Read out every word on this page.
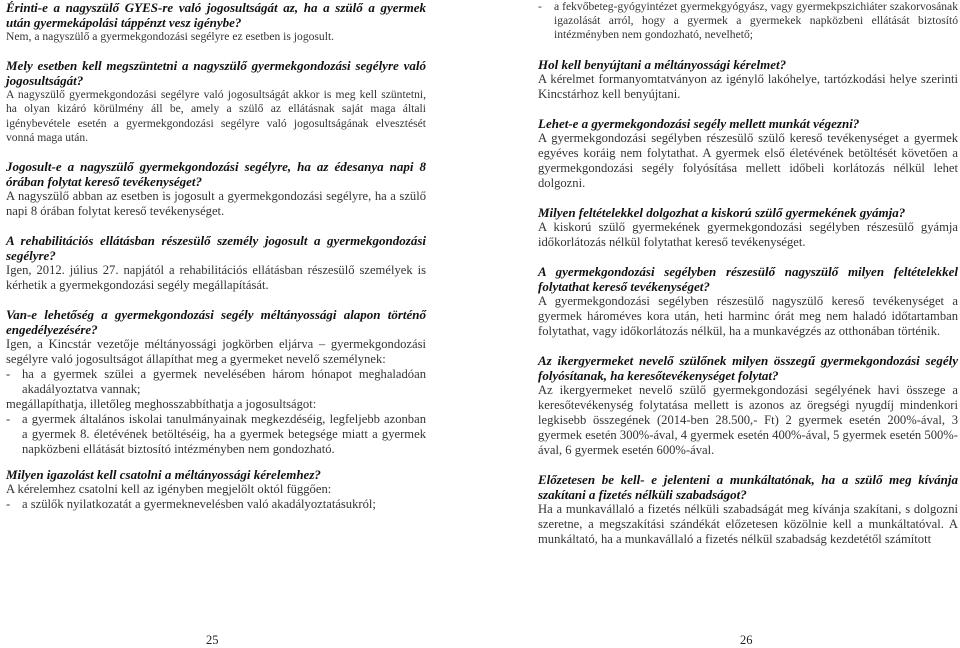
Érinti-e a nagyszülő GYES-re való jogosultságát az, ha a szülő a gyermek után gyermekápolási táppénzt vesz igénybe?

Nem, a nagyszülő a gyermekgondozási segélyre ez esetben is jogosult.

Mely esetben kell megszüntetni a nagyszülő gyermekgondozási segélyre való jogosultságát?

A nagyszülő gyermekgondozási segélyre való jogosultságát akkor is meg kell szüntetni, ha olyan kizáró körülmény áll be, amely a szülő az ellátásnak saját maga általi igénybevétele esetén a gyermekgondozási segélyre való jogosultságának elvesztését vonná maga után.

Jogosult-e a nagyszülő gyermekgondozási segélyre, ha az édesanya napi 8 órában folytat kereső tevékenységet?

A nagyszülő abban az esetben is jogosult a gyermekgondozási segélyre, ha a szülő napi 8 órában folytat kereső tevékenységet.

A rehabilitációs ellátásban részesülő személy jogosult a gyermekgondozási segélyre?

Igen, 2012. július 27. napjától a rehabilitációs ellátásban részesülő személyek is kérhetik a gyermekgondozási segély megállapítását.

Van-e lehetőség a gyermekgondozási segély méltányossági alapon történő engedélyezésére?

Igen, a Kincstár vezetője méltányossági jogkörben eljárva – gyermekgondozási segélyre való jogosultságot állapíthat meg a gyermeket nevelő személynek:

- ha a gyermek szülei a gyermek nevelésében három hónapot meghaladóan akadályoztatva vannak;

megállapíthatja, illetőleg meghosszabbíthatja a jogosultságot:

- a gyermek általános iskolai tanulmányainak megkezdéséig, legfeljebb azonban a gyermek 8. életévének betöltéséig, ha a gyermek betegsége miatt a gyermek napközbeni ellátását biztosító intézményben nem gondozható.

Milyen igazolást kell csatolni a méltányossági kérelemhez?

A kérelemhez csatolni kell az igényben megjelölt októl függően:

- a szülők nyilatkozatát a gyermeknevelésben való akadályoztatásukról;
25
-	a fekvőbeteg-gyógyintézet gyermekgyógyász, vagy gyermekpszichiáter szakorvosának igazolását arról, hogy a gyermek a gyermekek napközbeni ellátását biztosító intézményben nem gondozható, nevelhető;

Hol kell benyújtani a méltányossági kérelmet?

A kérelmet formanyomtatványon az igénylő lakóhelye, tartózkodási helye szerinti Kincstárhoz kell benyújtani.

Lehet-e a gyermekgondozási segély mellett munkát végezni?

A gyermekgondozási segélyben részesülő szülő kereső tevékenységet a gyermek egyéves koráig nem folytathat. A gyermek első életévének betöltését követően a gyermekgondozási segély folyósítása mellett időbeli korlátozás nélkül lehet dolgozni.

Milyen feltételekkel dolgozhat a kiskorú szülő gyermekének gyámja?

A kiskorú szülő gyermekének gyermekgondozási segélyben részesülő gyámja időkorlátozás nélkül folytathat kereső tevékenységet.

A gyermekgondozási segélyben részesülő nagyszülő milyen feltételekkel folytathat kereső tevékenységet?

A gyermekgondozási segélyben részesülő nagyszülő kereső tevékenységet a gyermek hároméves kora után, heti harminc órát meg nem haladó időtartamban folytathat, vagy időkorlátozás nélkül, ha a munkavégzés az otthonában történik.

Az ikergyermeket nevelő szülőnek milyen összegű gyermekgondozási segély folyósítanak, ha keresőtevékenységet folytat?

Az ikergyermeket nevelő szülő gyermekgondozási segélyének havi összege a keresőtevékenység folytatása mellett is azonos az öregségi nyugdíj mindenkori legkisebb összegének (2014-ben 28.500,- Ft) 2 gyermek esetén 200%-ával, 3 gyermek esetén 300%-ával, 4 gyermek esetén 400%-ával, 5 gyermek esetén 500%-ával, 6 gyermek esetén 600%-ával.

Előzetesen be kell- e jelenteni a munkáltatónak, ha a szülő meg kívánja szakítani a fizetés nélküli szabadságot?

Ha a munkavállaló a fizetés nélküli szabadságát meg kívánja szakítani, s dolgozni szeretne, a megszakítási szándékát előzetesen közölnie kell a munkáltatóval. A munkáltató, ha a munkavállaló a fizetés nélkül szabadság kezdetétől számított

26
